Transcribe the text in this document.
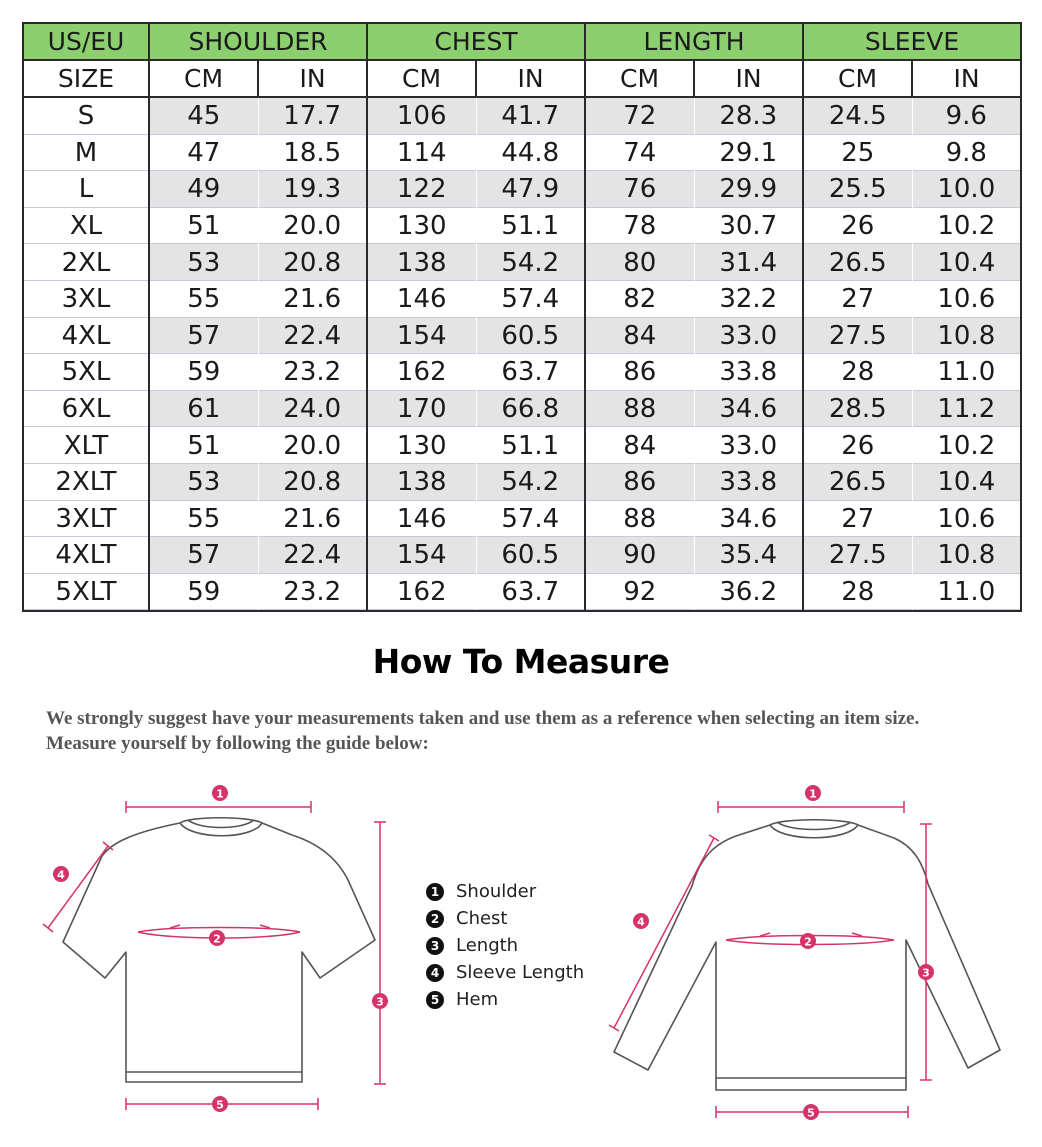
US/EU	SHOULDER		CHEST		LENGTH		SLEEVE	
SIZE	CM	IN	CM	IN	CM	IN	CM	IN
S	45	17.7	106	41.7	72	28.3	24.5	9.6
M	47	18.5	114	44.8	74	29.1	25	9.8
L	49	19.3	122	47.9	76	29.9	25.5	10.0
XL	51	20.0	130	51.1	78	30.7	26	10.2
2XL	53	20.8	138	54.2	80	31.4	26.5	10.4
3XL	55	21.6	146	57.4	82	32.2	27	10.6
4XL	57	22.4	154	60.5	84	33.0	27.5	10.8
5XL	59	23.2	162	63.7	86	33.8	28	11.0
6XL	61	24.0	170	66.8	88	34.6	28.5	11.2
XLT	51	20.0	130	51.1	84	33.0	26	10.2
2XLT	53	20.8	138	54.2	86	33.8	26.5	10.4
3XLT	55	21.6	146	57.4	88	34.6	27	10.6
4XLT	57	22.4	154	60.5	90	35.4	27.5	10.8
5XLT	59	23.2	162	63.7	92	36.2	28	11.0
How To Measure

We strongly suggest have your measurements taken and use them as a reference when selecting an item size.

Measure yourself by following the guide below:

1
2
3
4
5
1 Shoulder
2 Chest
3 Length
4 Sleeve Length
5 Hem
1
2
3
4
5
